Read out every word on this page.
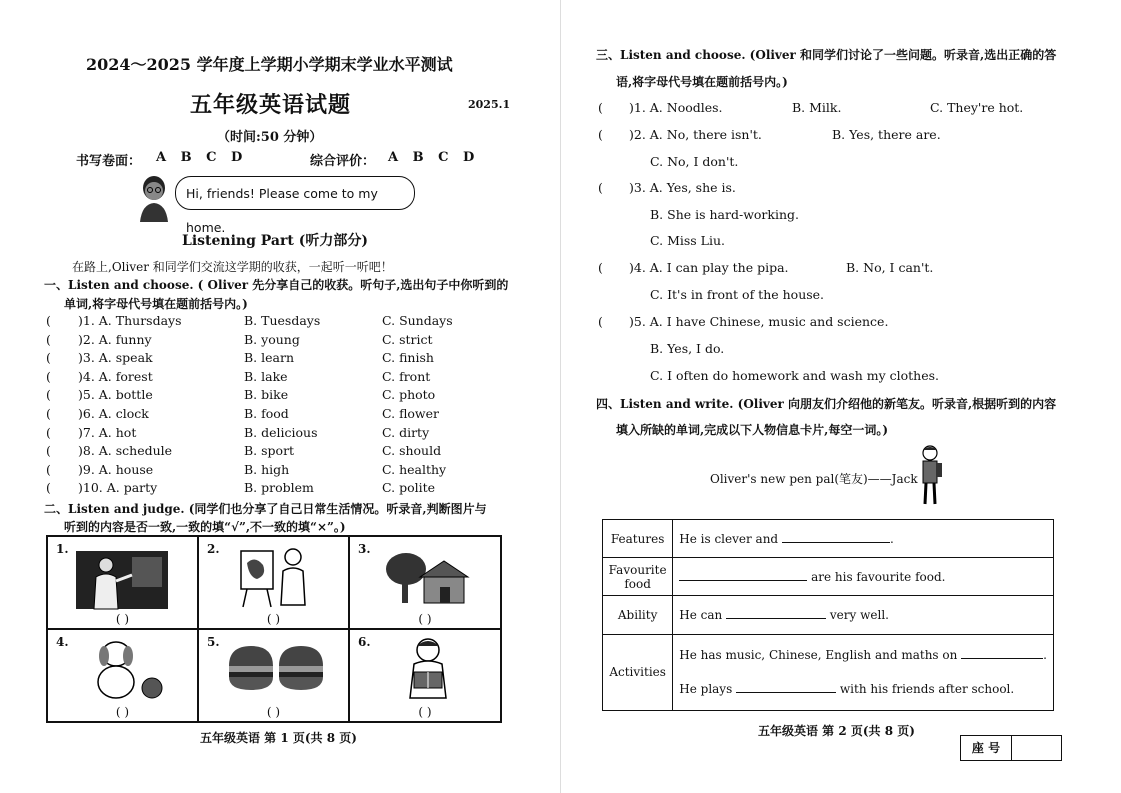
2024～2025 学年度上学期小学期末学业水平测试
五年级英语试题	2025.1
（时间:50 分钟）
书写卷面： A B C D	综合评价： A B C D
Hi, friends! Please come to my home.
Listening Part (听力部分)
在路上,Oliver 和同学们交流这学期的收获，一起听一听吧！
一、Listen and choose. ( Oliver 先分享自己的收获。听句子,选出句子中你听到的
单词,将字母代号填在题前括号内。)
( )1. A. Thursdays	B. Tuesdays	C. Sundays
( )2. A. funny	B. young	C. strict
( )3. A. speak	B. learn	C. finish
( )4. A. forest	B. lake	C. front
( )5. A. bottle	B. bike	C. photo
( )6. A. clock	B. food	C. flower
( )7. A. hot	B. delicious	C. dirty
( )8. A. schedule	B. sport	C. should
( )9. A. house	B. high	C. healthy
( )10. A. party	B. problem	C. polite
二、Listen and judge. (同学们也分享了自己日常生活情况。听录音,判断图片与
听到的内容是否一致,一致的填“√”,不一致的填“×”。)
1.
( )
2.
( )
3.
( )
4.
( )
5.
( )
6.
( )
五年级英语 第 1 页(共 8 页)
三、Listen and choose. (Oliver 和同学们讨论了一些问题。听录音,选出正确的答
语,将字母代号填在题前括号内。)
( )1. A. Noodles.	B. Milk.	C. They're hot.
( )2. A. No, there isn't.	B. Yes, there are.
C. No, I don't.
( )3. A. Yes, she is.
B. She is hard-working.
C. Miss Liu.
( )4. A. I can play the pipa.	B. No, I can't.
C. It's in front of the house.
( )5. A. I have Chinese, music and science.
B. Yes, I do.
C. I often do homework and wash my clothes.
四、Listen and write. (Oliver 向朋友们介绍他的新笔友。听录音,根据听到的内容
填入所缺的单词,完成以下人物信息卡片,每空一词。)
Oliver's new pen pal(笔友)——Jack
Features	He is clever and .
Favourite food	are his favourite food.
Ability	He can very well.
Activities	He has music, Chinese, English and maths on .
He plays with his friends after school.
五年级英语 第 2 页(共 8 页)
座 号
